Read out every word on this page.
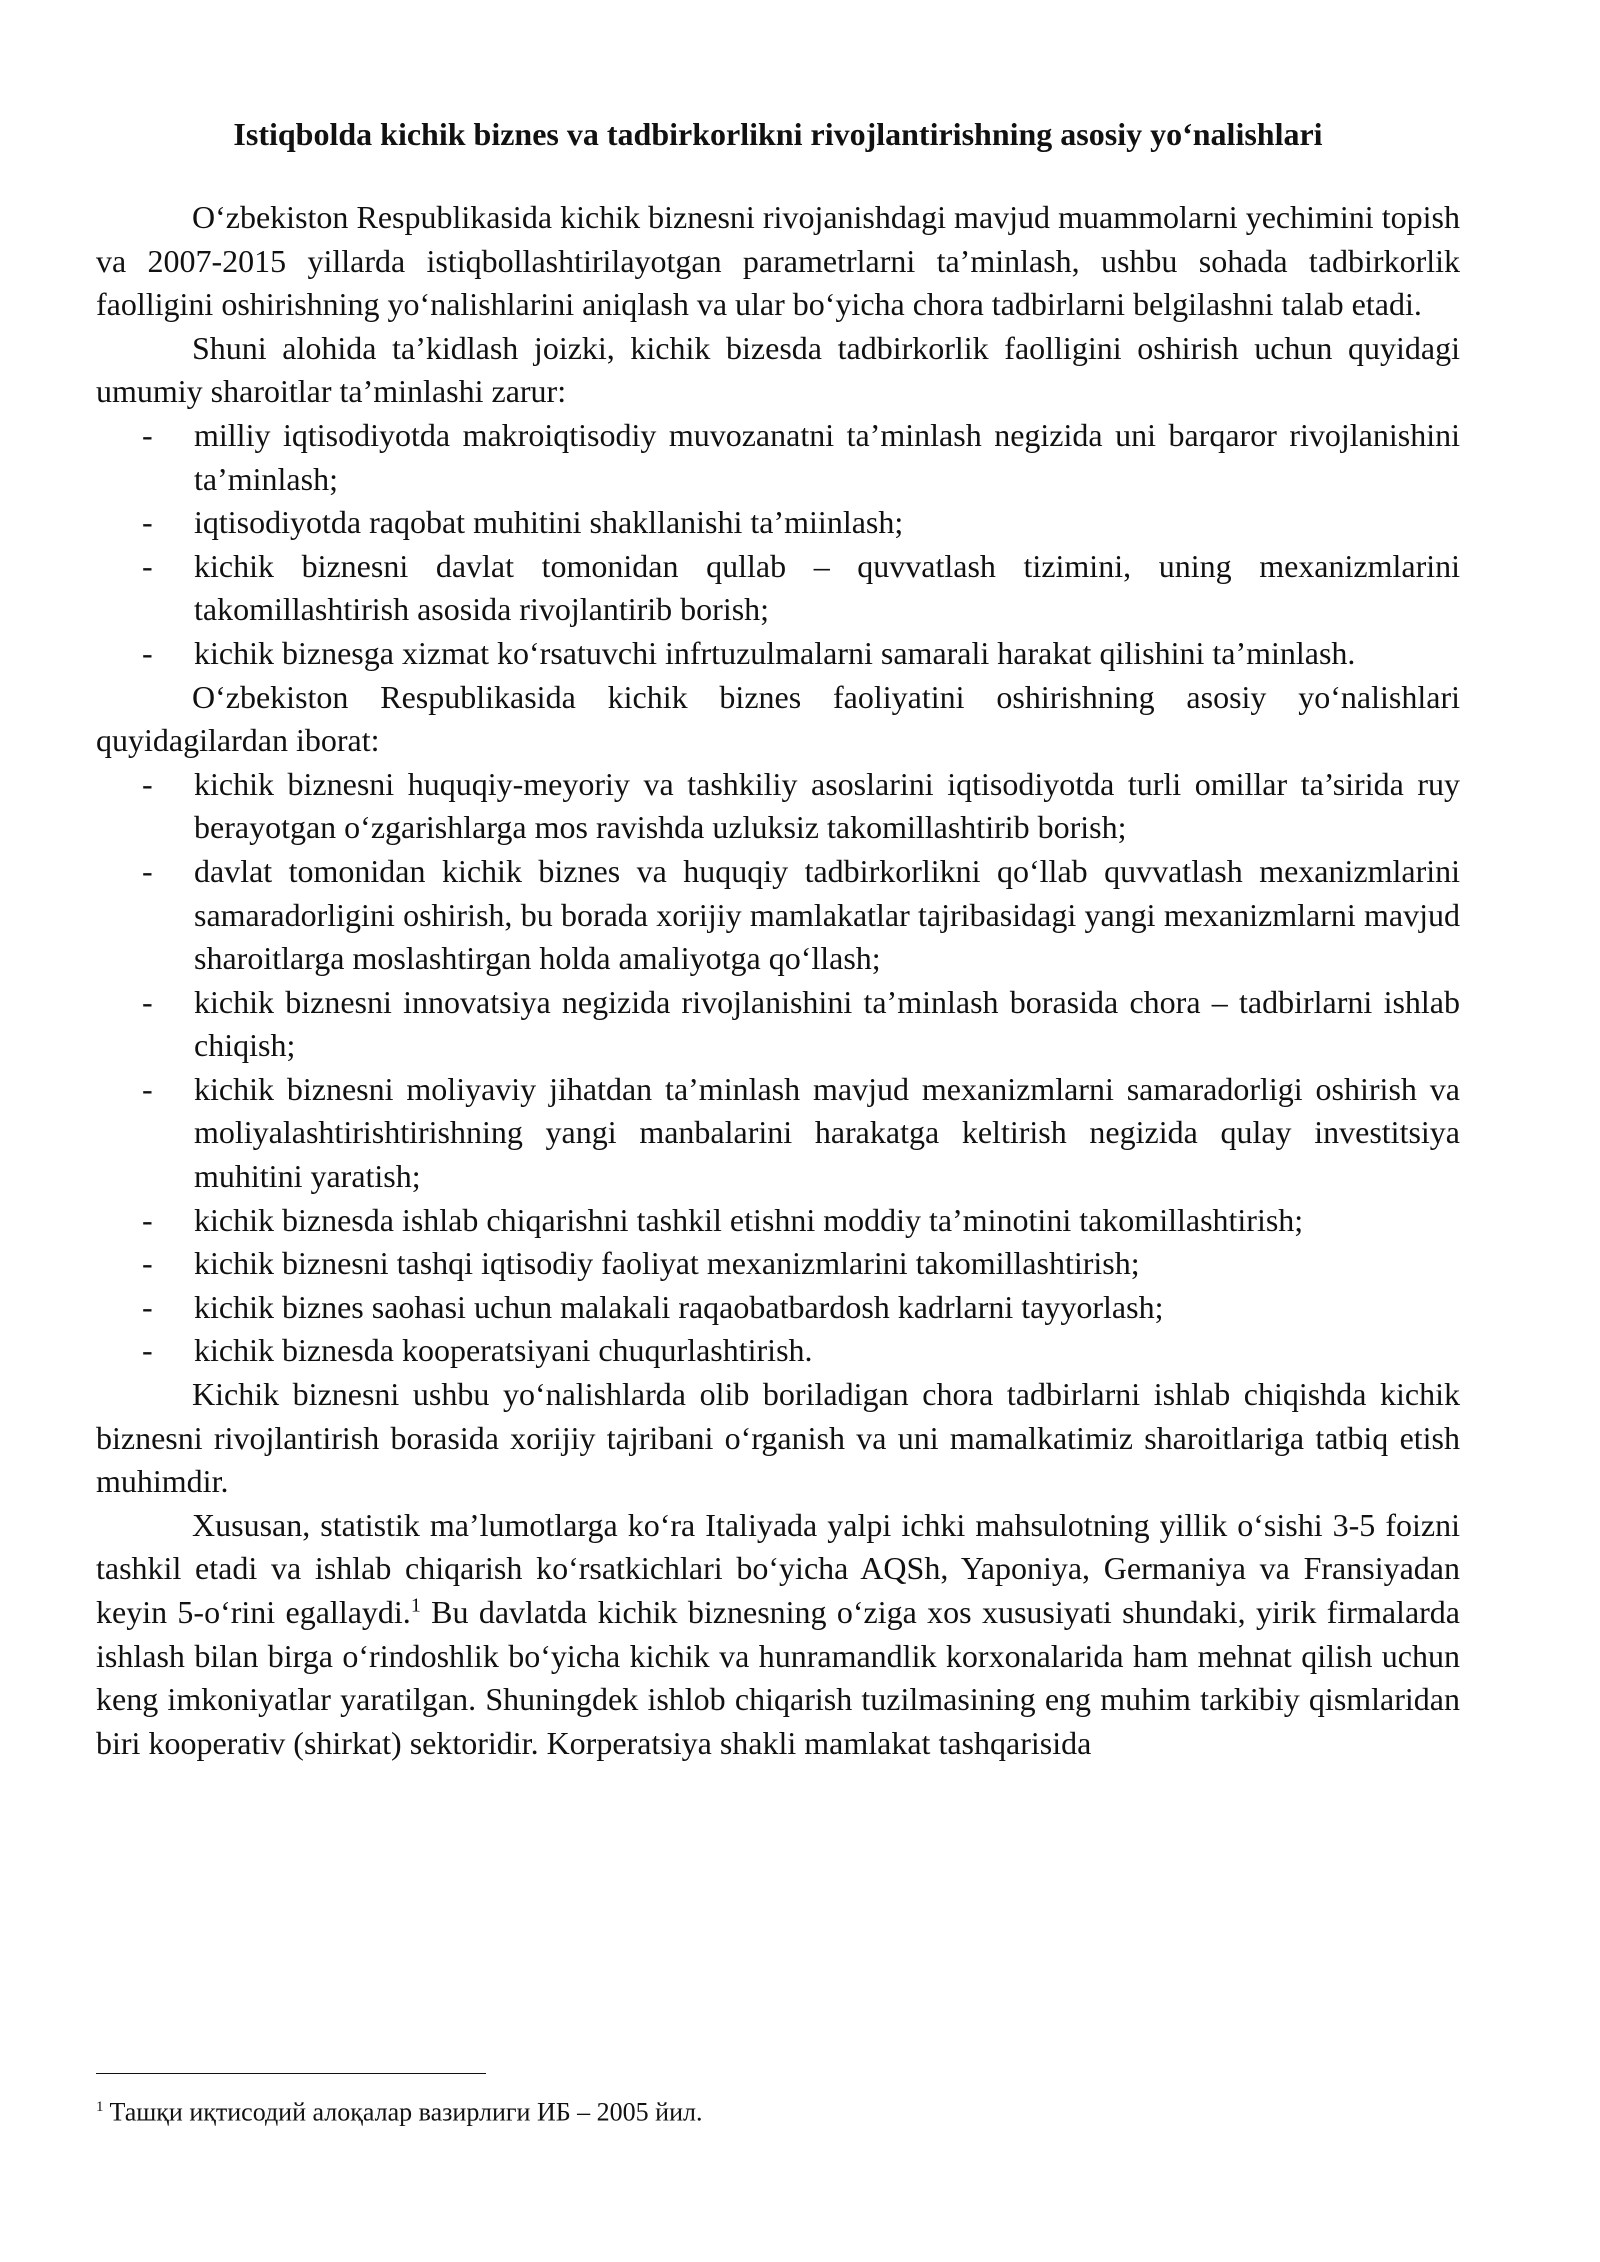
Istiqbolda kichik biznes va tadbirkorlikni rivojlantirishning asosiy yo‘nalishlari

O‘zbekiston Respublikasida kichik biznesni rivojanishdagi mavjud muammolarni yechimini topish va 2007-2015 yillarda istiqbollashtirilayotgan parametrlarni ta’minlash, ushbu sohada tadbirkorlik faolligini oshirishning yo‘nalishlarini aniqlash va ular bo‘yicha chora tadbirlarni belgilashni talab etadi.

Shuni alohida ta’kidlash joizki, kichik bizesda tadbirkorlik faolligini oshirish uchun quyidagi umumiy sharoitlar ta’minlashi zarur:

- milliy iqtisodiyotda makroiqtisodiy muvozanatni ta’minlash negizida uni barqaror rivojlanishini ta’minlash;
- iqtisodiyotda raqobat muhitini shakllanishi ta’miinlash;
- kichik biznesni davlat tomonidan qullab – quvvatlash tizimini, uning mexanizmlarini takomillashtirish asosida rivojlantirib borish;
- kichik biznesga xizmat ko‘rsatuvchi infrtuzulmalarni samarali harakat qilishini ta’minlash.

O‘zbekiston Respublikasida kichik biznes faoliyatini oshirishning asosiy yo‘nalishlari quyidagilardan iborat:

- kichik biznesni huquqiy-meyoriy va tashkiliy asoslarini iqtisodiyotda turli omillar ta’sirida ruy berayotgan o‘zgarishlarga mos ravishda uzluksiz takomillashtirib borish;
- davlat tomonidan kichik biznes va huquqiy tadbirkorlikni qo‘llab quvvatlash mexanizmlarini samaradorligini oshirish, bu borada xorijiy mamlakatlar tajribasidagi yangi mexanizmlarni mavjud sharoitlarga moslashtirgan holda amaliyotga qo‘llash;
- kichik biznesni innovatsiya negizida rivojlanishini ta’minlash borasida chora – tadbirlarni ishlab chiqish;
- kichik biznesni moliyaviy jihatdan ta’minlash mavjud mexanizmlarni samaradorligi oshirish va moliyalashtirishtirishning yangi manbalarini harakatga keltirish negizida qulay investitsiya muhitini yaratish;
- kichik biznesda ishlab chiqarishni tashkil etishni moddiy ta’minotini takomillashtirish;
- kichik biznesni tashqi iqtisodiy faoliyat mexanizmlarini takomillashtirish;
- kichik biznes saohasi uchun malakali raqaobatbardosh kadrlarni tayyorlash;
- kichik biznesda kooperatsiyani chuqurlashtirish.

Kichik biznesni ushbu yo‘nalishlarda olib boriladigan chora tadbirlarni ishlab chiqishda kichik biznesni rivojlantirish borasida xorijiy tajribani o‘rganish va uni mamalkatimiz sharoitlariga tatbiq etish muhimdir.

Xususan, statistik ma’lumotlarga ko‘ra Italiyada yalpi ichki mahsulotning yillik o‘sishi 3-5 foizni tashkil etadi va ishlab chiqarish ko‘rsatkichlari bo‘yicha AQSh, Yaponiya, Germaniya va Fransiyadan keyin 5-o‘rini egallaydi.$^1$ Bu davlatda kichik biznesning o‘ziga xos xususiyati shundaki, yirik firmalarda ishlash bilan birga o‘rindoshlik bo‘yicha kichik va hunramandlik korxonalarida ham mehnat qilish uchun keng imkoniyatlar yaratilgan. Shuningdek ishlob chiqarish tuzilmasining eng muhim tarkibiy qismlaridan biri kooperativ (shirkat) sektoridir. Korperatsiya shakli mamlakat tashqarisida

$^1$ Ташқи иқтисодий алоқалар вазирлиги ИБ – 2005 йил.
